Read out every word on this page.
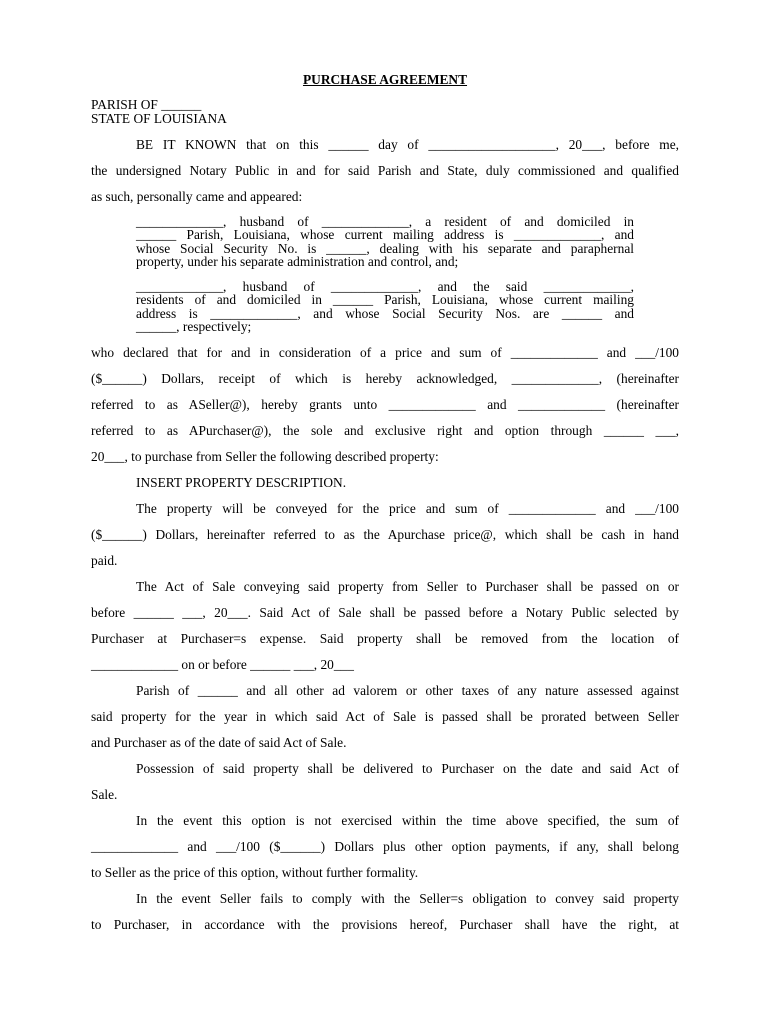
PURCHASE AGREEMENT
PARISH OF ______
STATE OF LOUISIANA
BE IT KNOWN that on this ______ day of ___________________, 20___, before me,
the undersigned Notary Public in and for said Parish and State, duly commissioned and qualified
as such, personally came and appeared:
_____________, husband of _____________, a resident of and domiciled in
______ Parish, Louisiana, whose current mailing address is _____________, and
whose Social Security No. is ______, dealing with his separate and paraphernal
property, under his separate administration and control, and;
_____________, husband of _____________, and the said _____________,
residents of and domiciled in ______ Parish, Louisiana, whose current mailing
address is _____________, and whose Social Security Nos. are ______ and
______, respectively;
who declared that for and in consideration of a price and sum of _____________ and ___/100
($______) Dollars, receipt of which is hereby acknowledged, _____________, (hereinafter
referred to as ASeller@), hereby grants unto _____________ and _____________ (hereinafter
referred to as APurchaser@), the sole and exclusive right and option through ______ ___,
20___, to purchase from Seller the following described property:
INSERT PROPERTY DESCRIPTION.
The property will be conveyed for the price and sum of _____________ and ___/100
($______) Dollars, hereinafter referred to as the Apurchase price@, which shall be cash in hand
paid.
The Act of Sale conveying said property from Seller to Purchaser shall be passed on or
before ______ ___, 20___. Said Act of Sale shall be passed before a Notary Public selected by
Purchaser at Purchaser=s expense. Said property shall be removed from the location of
_____________ on or before ______ ___, 20___
Parish of ______ and all other ad valorem or other taxes of any nature assessed against
said property for the year in which said Act of Sale is passed shall be prorated between Seller
and Purchaser as of the date of said Act of Sale.
Possession of said property shall be delivered to Purchaser on the date and said Act of
Sale.
In the event this option is not exercised within the time above specified, the sum of
_____________ and ___/100 ($______) Dollars plus other option payments, if any, shall belong
to Seller as the price of this option, without further formality.
In the event Seller fails to comply with the Seller=s obligation to convey said property
to Purchaser, in accordance with the provisions hereof, Purchaser shall have the right, at
